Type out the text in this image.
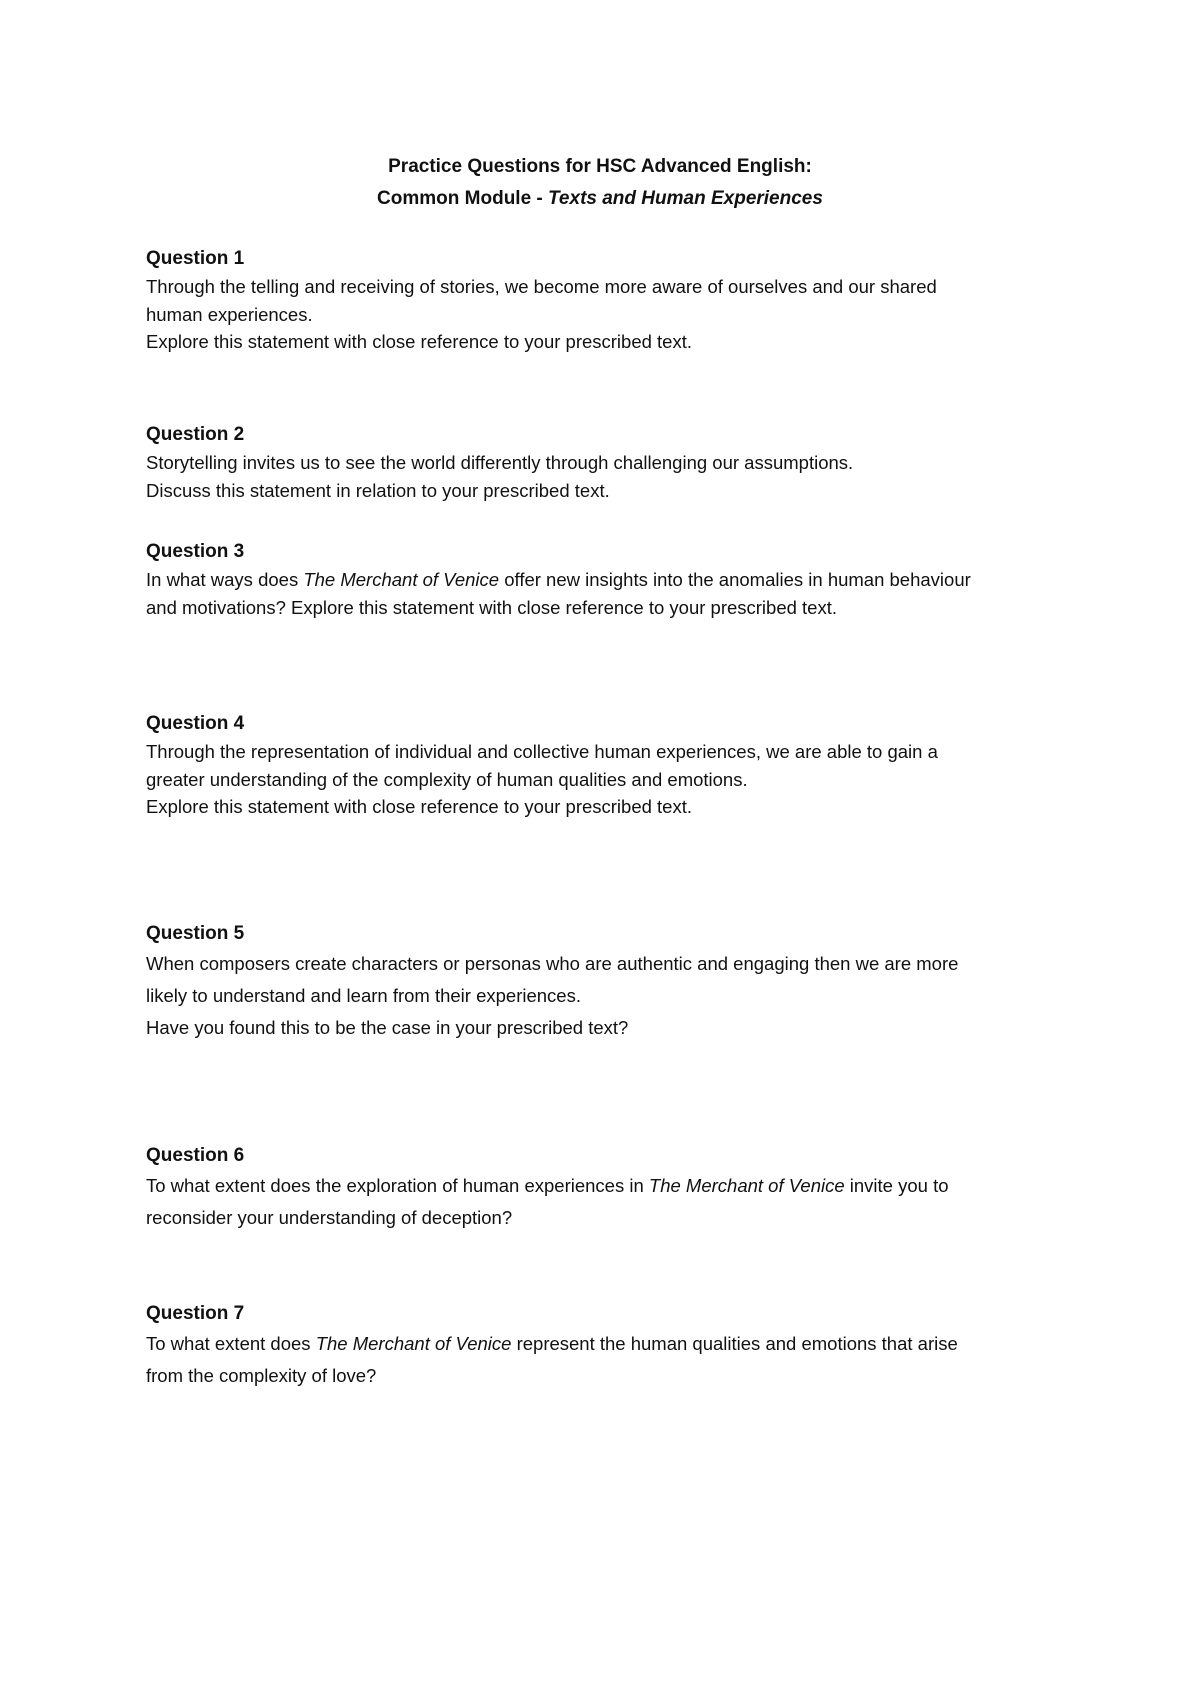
Practice Questions for HSC Advanced English:
Common Module - Texts and Human Experiences
Question 1
Through the telling and receiving of stories, we become more aware of ourselves and our shared
human experiences.
Explore this statement with close reference to your prescribed text.
Question 2
Storytelling invites us to see the world differently through challenging our assumptions.
Discuss this statement in relation to your prescribed text.
Question 3
In what ways does The Merchant of Venice offer new insights into the anomalies in human behaviour
and motivations? Explore this statement with close reference to your prescribed text.
Question 4
Through the representation of individual and collective human experiences, we are able to gain a
greater understanding of the complexity of human qualities and emotions.
Explore this statement with close reference to your prescribed text.
Question 5
When composers create characters or personas who are authentic and engaging then we are more
likely to understand and learn from their experiences.
Have you found this to be the case in your prescribed text?
Question 6
To what extent does the exploration of human experiences in The Merchant of Venice invite you to
reconsider your understanding of deception?
Question 7
To what extent does The Merchant of Venice represent the human qualities and emotions that arise
from the complexity of love?
